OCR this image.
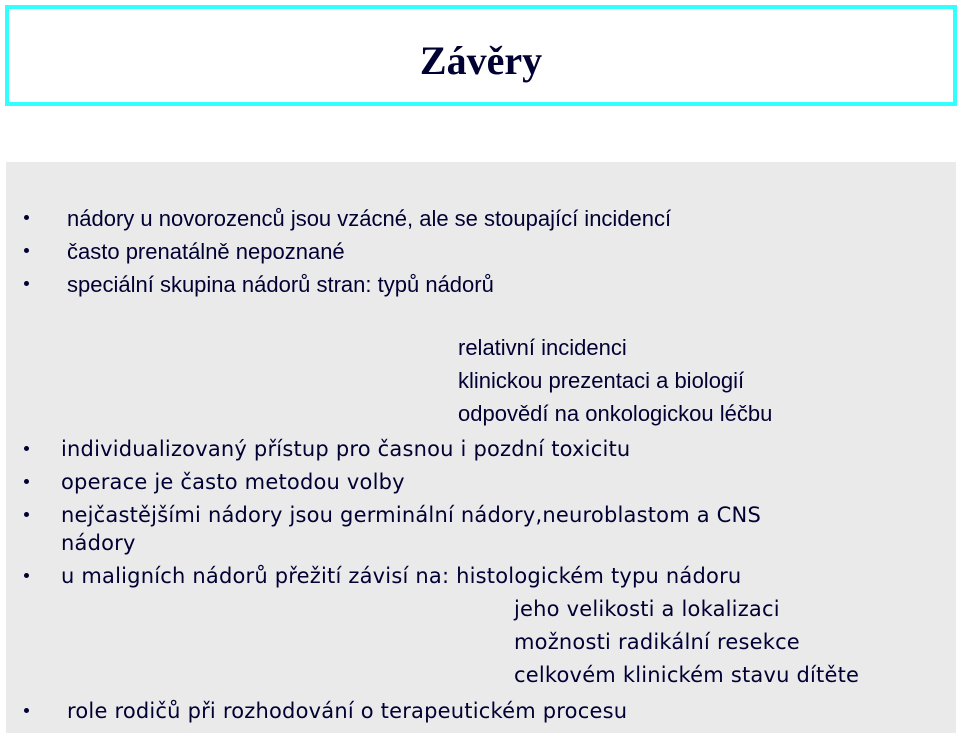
Závěry
nádory u novorozenců jsou vzácné, ale se stoupající incidencí
často prenatálně nepoznané
speciální skupina nádorů stran: typů nádorů
relativní incidenci
klinickou prezentaci a biologií
odpovědí na onkologickou léčbu
individualizovaný přístup pro časnou i pozdní toxicitu
operace je často metodou volby
nejčastějšími nádory jsou germinální nádory,neuroblastom a CNS
nádory
u maligních nádorů přežití závisí na: histologickém typu nádoru
jeho velikosti a lokalizaci
možnosti radikální resekce
celkovém klinickém stavu dítěte
role rodičů při rozhodování o terapeutickém procesu
